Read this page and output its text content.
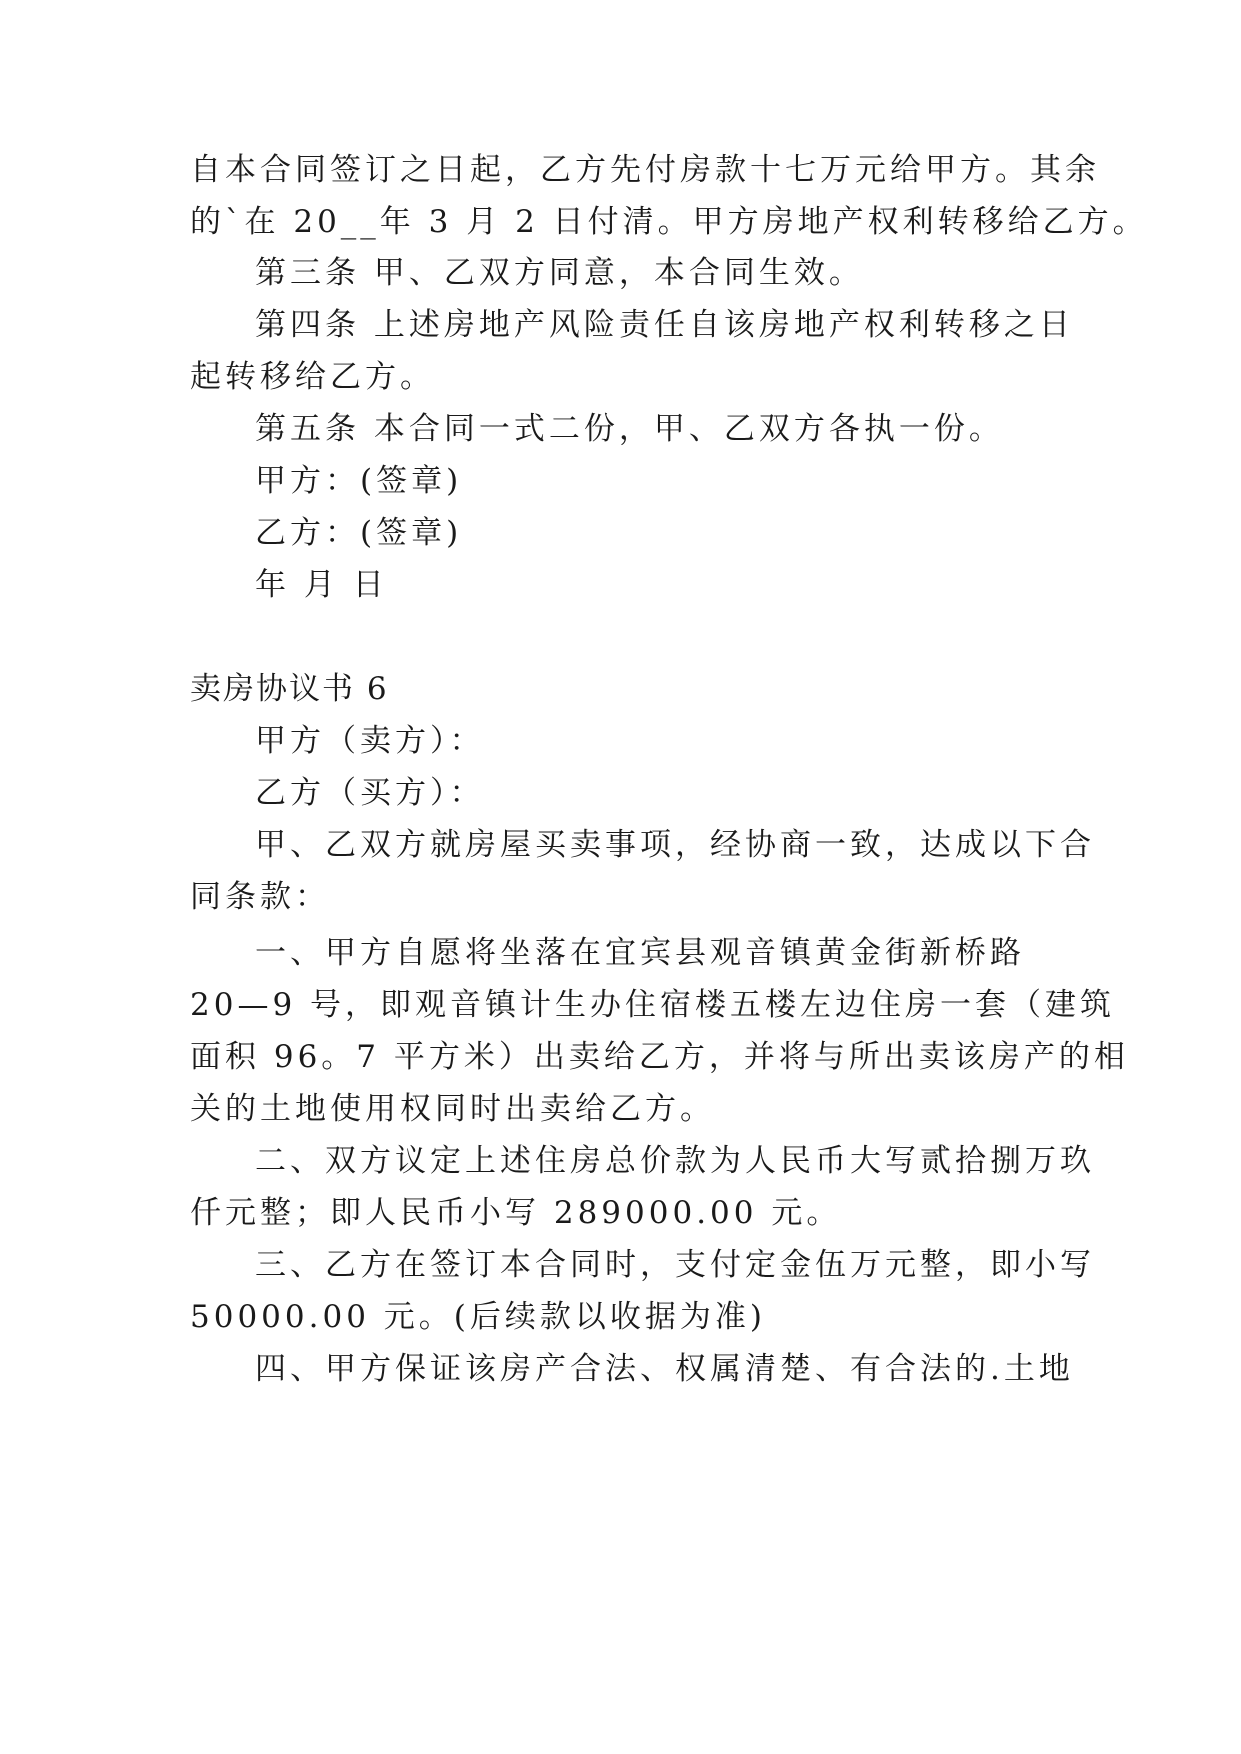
自本合同签订之日起，乙方先付房款十七万元给甲方。其余

的`在 20__年 3 月 2 日付清。甲方房地产权利转移给乙方。

第三条 甲、乙双方同意，本合同生效。

第四条 上述房地产风险责任自该房地产权利转移之日

起转移给乙方。

第五条 本合同一式二份，甲、乙双方各执一份。

甲方：(签章)

乙方：(签章)

年 月 日

卖房协议书 6

甲方（卖方）：

乙方（买方）：

甲、乙双方就房屋买卖事项，经协商一致，达成以下合

同条款：

一、甲方自愿将坐落在宜宾县观音镇黄金街新桥路

20—9 号，即观音镇计生办住宿楼五楼左边住房一套（建筑

面积 96。7 平方米）出卖给乙方，并将与所出卖该房产的相

关的土地使用权同时出卖给乙方。

二、双方议定上述住房总价款为人民币大写贰拾捌万玖

仟元整；即人民币小写 289000.00 元。

三、乙方在签订本合同时，支付定金伍万元整，即小写

50000.00 元。(后续款以收据为准)

四、甲方保证该房产合法、权属清楚、有合法的.土地
